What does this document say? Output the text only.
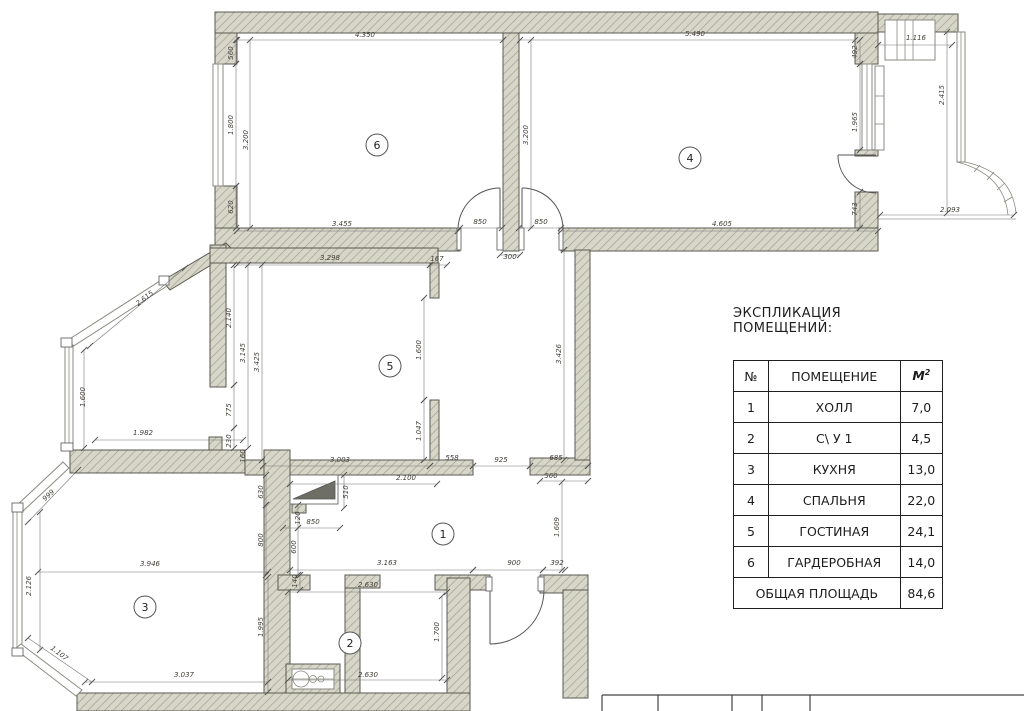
4.350
560
1.800
3.200
620
3.455	850
300
850
5.490
3.200
4.605
492
1.965
743
1.116
2.415
2.093
3.298	167
2.140
3.145 3.425
775
230
160
1.600
1.047
3.426
3.003	558	925	685
2.100	560
510
630
850
120
800
600
1.609
3.163	900	392
2.615
1.600
1.982
999
2.126
1.107
3.946
3.037
1.995
2.630
2.630
1.700
140
6
4
5
1
3
2
ЭКСПЛИКАЦИЯ ПОМЕЩЕНИЙ:
№	ПОМЕЩЕНИЕ	$М^2$
1	ХОЛЛ	7,0
2	С\ У 1	4,5
3	КУХНЯ	13,0
4	СПАЛЬНЯ	22,0
5	ГОСТИНАЯ	24,1
6	ГАРДЕРОБНАЯ	14,0
ОБЩАЯ ПЛОЩАДЬ		84,6
